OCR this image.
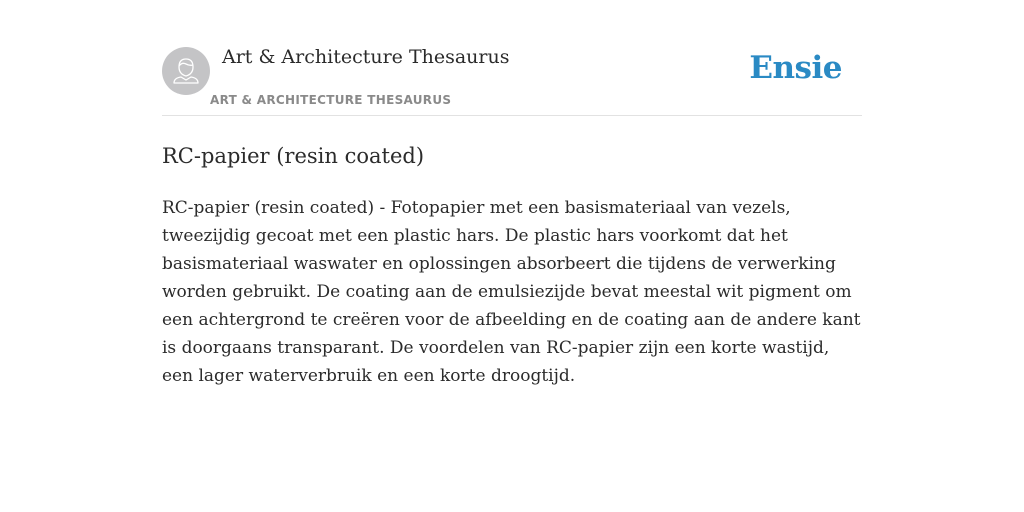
Art & Architecture Thesaurus
ART & ARCHITECTURE THESAURUS
Ensie
RC-papier (resin coated)

RC-papier (resin coated) - Fotopapier met een basismateriaal van vezels, tweezijdig gecoat met een plastic hars. De plastic hars voorkomt dat het basismateriaal waswater en oplossingen absorbeert die tijdens de verwerking worden gebruikt. De coating aan de emulsiezijde bevat meestal wit pigment om een achtergrond te creëren voor de afbeelding en de coating aan de andere kant is doorgaans transparant. De voordelen van RC-papier zijn een korte wastijd, een lager waterverbruik en een korte droogtijd.
